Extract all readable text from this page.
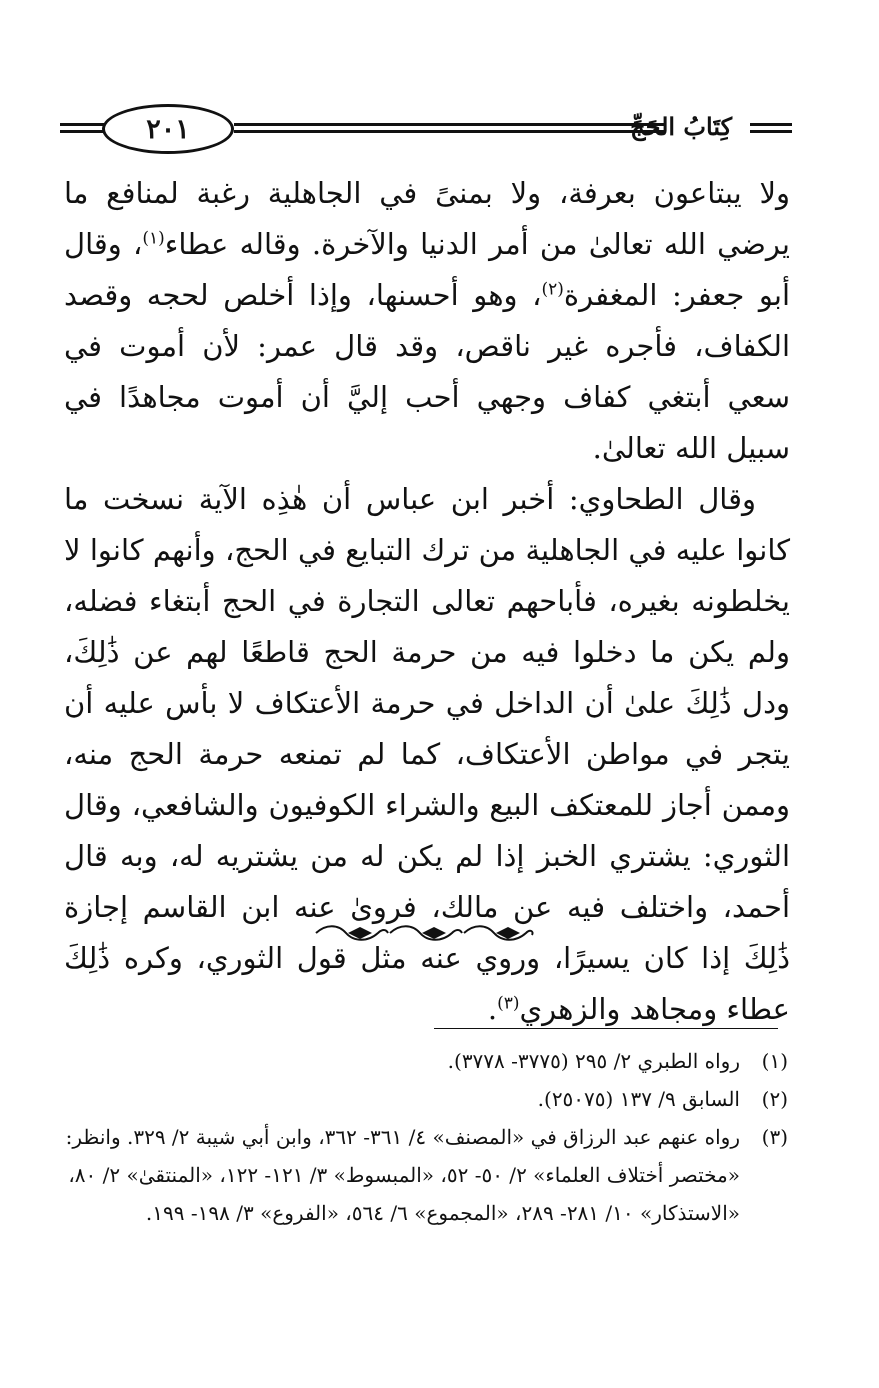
كِتَابُ الحَجِّ
٢٠١

ولا يبتاعون بعرفة، ولا بمنىً في الجاهلية رغبة لمنافع ما يرضي الله تعالىٰ من أمر الدنيا والآخرة. وقاله عطاء$^{(١)}$، وقال أبو جعفر: المغفرة$^{(٢)}$، وهو أحسنها، وإذا أخلص لحجه وقصد الكفاف، فأجره غير ناقص، وقد قال عمر: لأن أموت في سعي أبتغي كفاف وجهي أحب إليَّ أن أموت مجاهدًا في سبيل الله تعالىٰ.

وقال الطحاوي: أخبر ابن عباس أن هٰذِه الآية نسخت ما كانوا عليه في الجاهلية من ترك التبايع في الحج، وأنهم كانوا لا يخلطونه بغيره، فأباحهم تعالى التجارة في الحج أبتغاء فضله، ولم يكن ما دخلوا فيه من حرمة الحج قاطعًا لهم عن ذَٰلِكَ، ودل ذَٰلِكَ علىٰ أن الداخل في حرمة الأعتكاف لا بأس عليه أن يتجر في مواطن الأعتكاف، كما لم تمنعه حرمة الحج منه، وممن أجاز للمعتكف البيع والشراء الكوفيون والشافعي، وقال الثوري: يشتري الخبز إذا لم يكن له من يشتريه له، وبه قال أحمد، واختلف فيه عن مالك، فروىٰ عنه ابن القاسم إجازة ذَٰلِكَ إذا كان يسيرًا، وروي عنه مثل قول الثوري، وكره ذَٰلِكَ عطاء ومجاهد والزهري$^{(٣)}$.

(١)
رواه الطبري ٢/ ٢٩٥ (٣٧٧٥- ٣٧٧٨).
(٢)
السابق ٩/ ١٣٧ (٢٥٠٧٥).
(٣)
رواه عنهم عبد الرزاق في «المصنف» ٤/ ٣٦١- ٣٦٢، وابن أبي شيبة ٢/ ٣٢٩. وانظر: «مختصر أختلاف العلماء» ٢/ ٥٠- ٥٢، «المبسوط» ٣/ ١٢١- ١٢٢، «المنتقىٰ» ٢/ ٨٠، «الاستذكار» ١٠/ ٢٨١- ٢٨٩، «المجموع» ٦/ ٥٦٤، «الفروع» ٣/ ١٩٨- ١٩٩.
